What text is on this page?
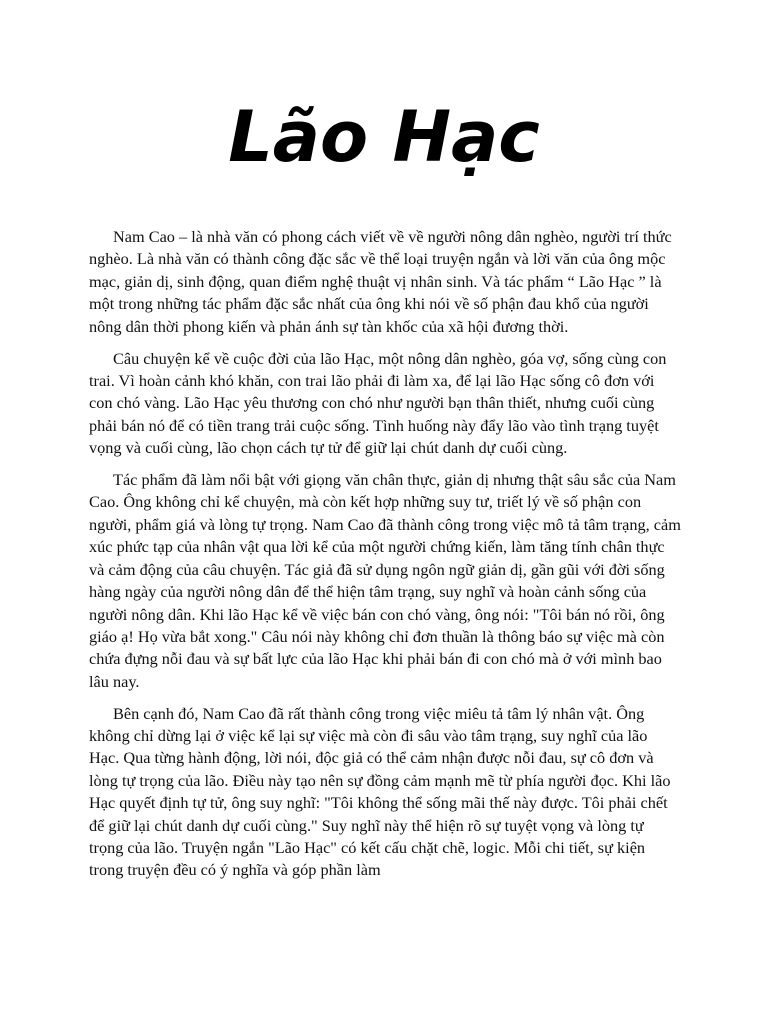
Lão Hạc

Nam Cao – là nhà văn có phong cách viết về về người nông dân nghèo, người trí thức nghèo. Là nhà văn có thành công đặc sắc về thể loại truyện ngắn và lời văn của ông mộc mạc, giản dị, sinh động, quan điểm nghệ thuật vị nhân sinh. Và tác phẩm “ Lão Hạc ” là một trong những tác phẩm đặc sắc nhất của ông khi nói về số phận đau khổ của người nông dân thời phong kiến và phản ánh sự tàn khốc của xã hội đương thời.

Câu chuyện kể về cuộc đời của lão Hạc, một nông dân nghèo, góa vợ, sống cùng con trai. Vì hoàn cảnh khó khăn, con trai lão phải đi làm xa, để lại lão Hạc sống cô đơn với con chó vàng. Lão Hạc yêu thương con chó như người bạn thân thiết, nhưng cuối cùng phải bán nó để có tiền trang trải cuộc sống. Tình huống này đẩy lão vào tình trạng tuyệt vọng và cuối cùng, lão chọn cách tự tử để giữ lại chút danh dự cuối cùng.

Tác phẩm đã làm nổi bật với giọng văn chân thực, giản dị nhưng thật sâu sắc của Nam Cao. Ông không chỉ kể chuyện, mà còn kết hợp những suy tư, triết lý về số phận con người, phẩm giá và lòng tự trọng. Nam Cao đã thành công trong việc mô tả tâm trạng, cảm xúc phức tạp của nhân vật qua lời kể của một người chứng kiến, làm tăng tính chân thực và cảm động của câu chuyện. Tác giả đã sử dụng ngôn ngữ giản dị, gần gũi với đời sống hàng ngày của người nông dân để thể hiện tâm trạng, suy nghĩ và hoàn cảnh sống của người nông dân. Khi lão Hạc kể về việc bán con chó vàng, ông nói: "Tôi bán nó rồi, ông giáo ạ! Họ vừa bắt xong." Câu nói này không chỉ đơn thuần là thông báo sự việc mà còn chứa đựng nỗi đau và sự bất lực của lão Hạc khi phải bán đi con chó mà ở với mình bao lâu nay.

Bên cạnh đó, Nam Cao đã rất thành công trong việc miêu tả tâm lý nhân vật. Ông không chỉ dừng lại ở việc kể lại sự việc mà còn đi sâu vào tâm trạng, suy nghĩ của lão Hạc. Qua từng hành động, lời nói, độc giả có thể cảm nhận được nỗi đau, sự cô đơn và lòng tự trọng của lão. Điều này tạo nên sự đồng cảm mạnh mẽ từ phía người đọc. Khi lão Hạc quyết định tự tử, ông suy nghĩ: "Tôi không thể sống mãi thế này được. Tôi phải chết để giữ lại chút danh dự cuối cùng." Suy nghĩ này thể hiện rõ sự tuyệt vọng và lòng tự trọng của lão. Truyện ngắn "Lão Hạc" có kết cấu chặt chẽ, logic. Mỗi chi tiết, sự kiện trong truyện đều có ý nghĩa và góp phần làm
